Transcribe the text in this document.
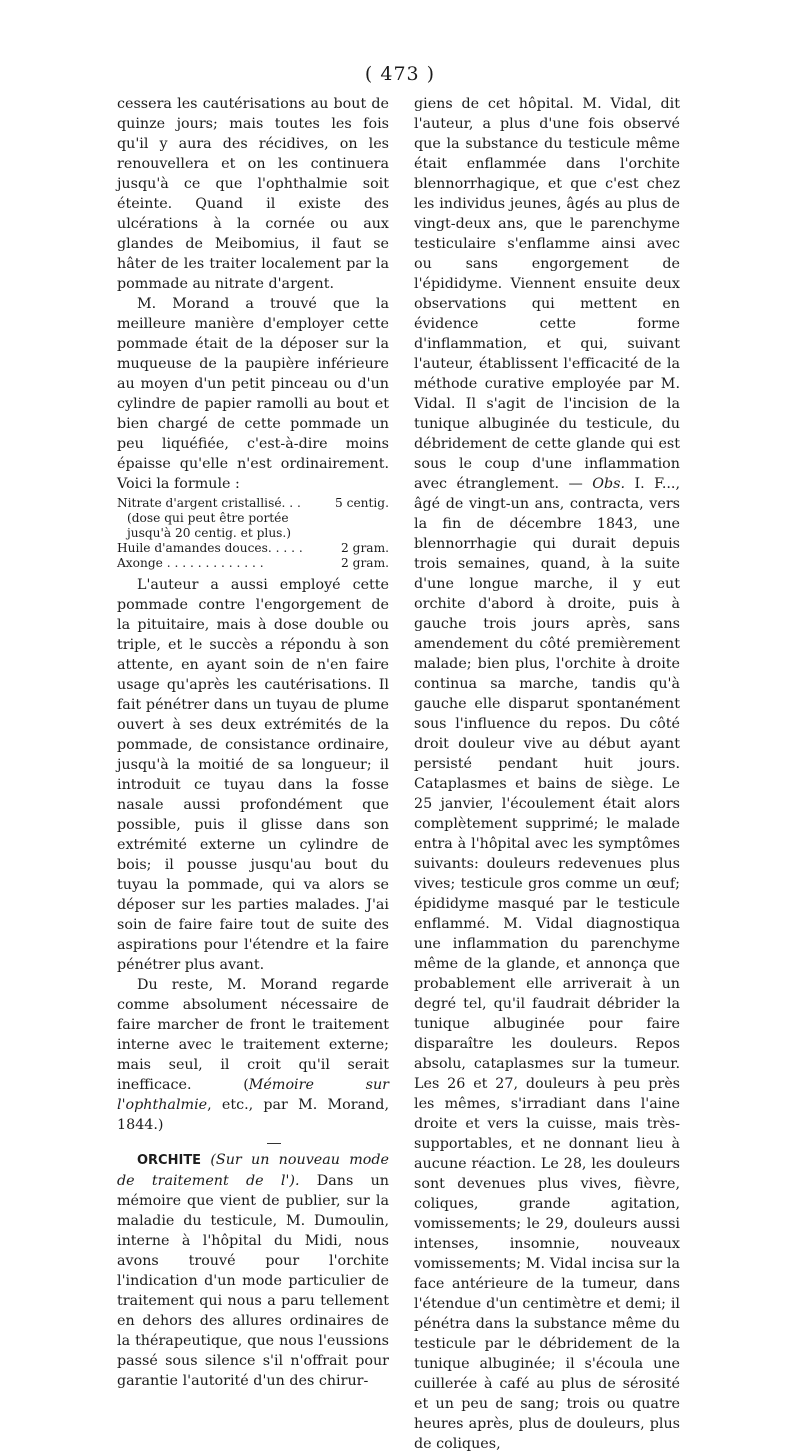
( 473 )

cessera les cautérisations au bout de quinze jours; mais toutes les fois qu'il y aura des récidives, on les renouvellera et on les continuera jusqu'à ce que l'ophthalmie soit éteinte. Quand il existe des ulcérations à la cornée ou aux glandes de Meibomius, il faut se hâter de les traiter localement par la pommade au nitrate d'argent.

M. Morand a trouvé que la meilleure manière d'employer cette pommade était de la déposer sur la muqueuse de la paupière inférieure au moyen d'un petit pinceau ou d'un cylindre de papier ramolli au bout et bien chargé de cette pommade un peu liquéfiée, c'est-à-dire moins épaisse qu'elle n'est ordinairement. Voici la formule :

Nitrate d'argent cristallisé. . .	5 centig.
(dose qui peut être portée
jusqu'à 20 centig. et plus.)
Huile d'amandes douces. . . . .	2 gram.
Axonge . . . . . . . . . . . . .	2 gram.

L'auteur a aussi employé cette pommade contre l'engorgement de la pituitaire, mais à dose double ou triple, et le succès a répondu à son attente, en ayant soin de n'en faire usage qu'après les cautérisations. Il fait pénétrer dans un tuyau de plume ouvert à ses deux extrémités de la pommade, de consistance ordinaire, jusqu'à la moitié de sa longueur; il introduit ce tuyau dans la fosse nasale aussi profondément que possible, puis il glisse dans son extrémité externe un cylindre de bois; il pousse jusqu'au bout du tuyau la pommade, qui va alors se déposer sur les parties malades. J'ai soin de faire faire tout de suite des aspirations pour l'étendre et la faire pénétrer plus avant.

Du reste, M. Morand regarde comme absolument nécessaire de faire marcher de front le traitement interne avec le traitement externe; mais seul, il croit qu'il serait inefficace. (Mémoire sur l'ophthalmie, etc., par M. Morand, 1844.)

ORCHITE (Sur un nouveau mode de traitement de l'). Dans un mémoire que vient de publier, sur la maladie du testicule, M. Dumoulin, interne à l'hôpital du Midi, nous avons trouvé pour l'orchite l'indication d'un mode particulier de traitement qui nous a paru tellement en dehors des allures ordinaires de la thérapeutique, que nous l'eussions passé sous silence s'il n'offrait pour garantie l'autorité d'un des chirur-

giens de cet hôpital. M. Vidal, dit l'auteur, a plus d'une fois observé que la substance du testicule même était enflammée dans l'orchite blennorrhagique, et que c'est chez les individus jeunes, âgés au plus de vingt-deux ans, que le parenchyme testiculaire s'enflamme ainsi avec ou sans engorgement de l'épididyme. Viennent ensuite deux observations qui mettent en évidence cette forme d'inflammation, et qui, suivant l'auteur, établissent l'efficacité de la méthode curative employée par M. Vidal. Il s'agit de l'incision de la tunique albuginée du testicule, du débridement de cette glande qui est sous le coup d'une inflammation avec étranglement. — Obs. I. F..., âgé de vingt-un ans, contracta, vers la fin de décembre 1843, une blennorrhagie qui durait depuis trois semaines, quand, à la suite d'une longue marche, il y eut orchite d'abord à droite, puis à gauche trois jours après, sans amendement du côté premièrement malade; bien plus, l'orchite à droite continua sa marche, tandis qu'à gauche elle disparut spontanément sous l'influence du repos. Du côté droit douleur vive au début ayant persisté pendant huit jours. Cataplasmes et bains de siège. Le 25 janvier, l'écoulement était alors complètement supprimé; le malade entra à l'hôpital avec les symptômes suivants: douleurs redevenues plus vives; testicule gros comme un œuf; épididyme masqué par le testicule enflammé. M. Vidal diagnostiqua une inflammation du parenchyme même de la glande, et annonça que probablement elle arriverait à un degré tel, qu'il faudrait débrider la tunique albuginée pour faire disparaître les douleurs. Repos absolu, cataplasmes sur la tumeur. Les 26 et 27, douleurs à peu près les mêmes, s'irradiant dans l'aine droite et vers la cuisse, mais très-supportables, et ne donnant lieu à aucune réaction. Le 28, les douleurs sont devenues plus vives, fièvre, coliques, grande agitation, vomissements; le 29, douleurs aussi intenses, insomnie, nouveaux vomissements; M. Vidal incisa sur la face antérieure de la tumeur, dans l'étendue d'un centimètre et demi; il pénétra dans la substance même du testicule par le débridement de la tunique albuginée; il s'écoula une cuillerée à café au plus de sérosité et un peu de sang; trois ou quatre heures après, plus de douleurs, plus de coliques,
